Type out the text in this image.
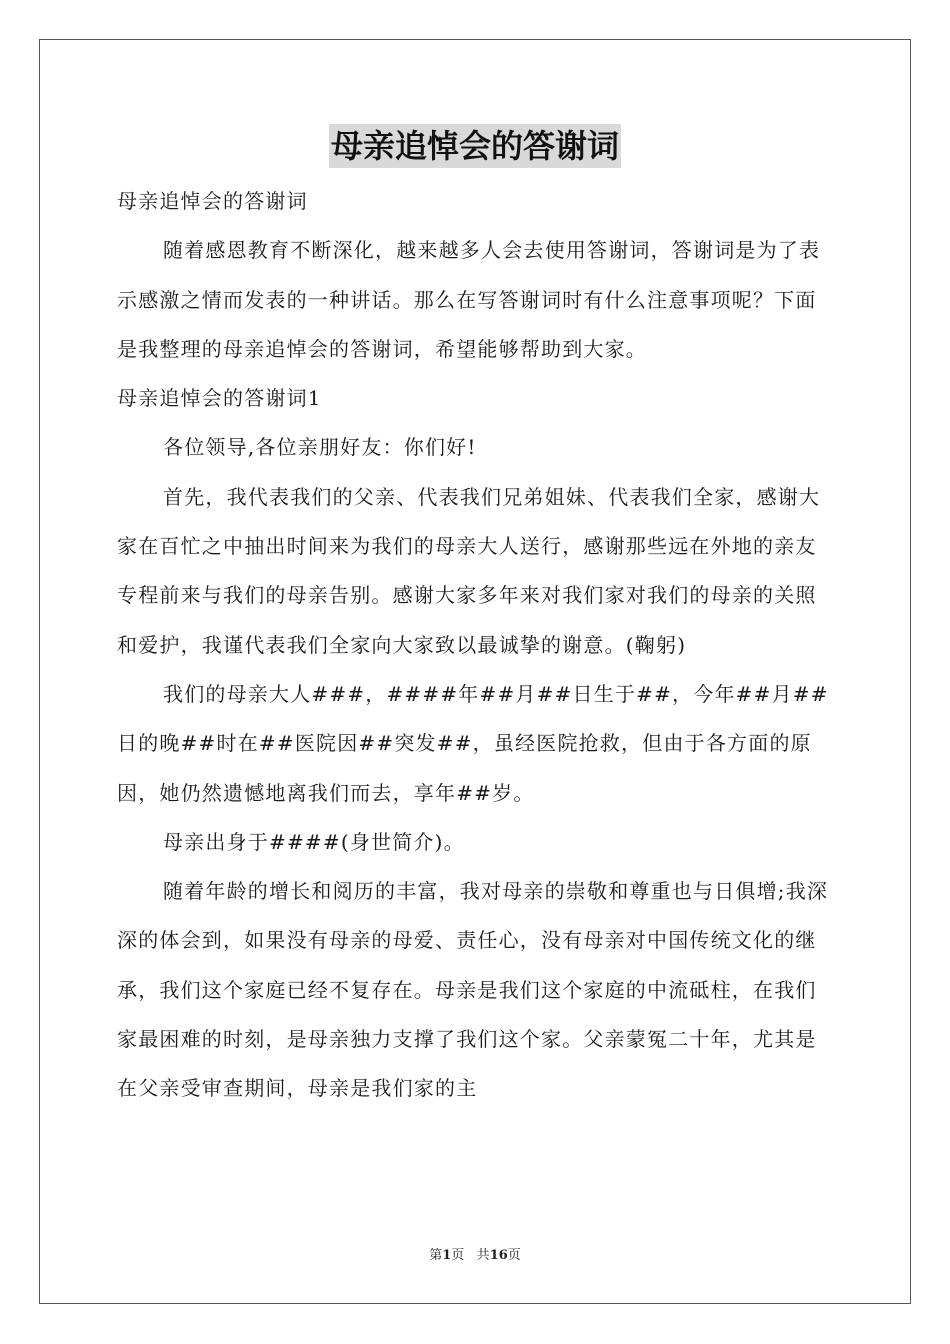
母亲追悼会的答谢词

母亲追悼会的答谢词

随着感恩教育不断深化，越来越多人会去使用答谢词，答谢词是为了表示感激之情而发表的一种讲话。那么在写答谢词时有什么注意事项呢？下面是我整理的母亲追悼会的答谢词，希望能够帮助到大家。

母亲追悼会的答谢词1

各位领导,各位亲朋好友：你们好!

首先，我代表我们的父亲、代表我们兄弟姐妹、代表我们全家，感谢大家在百忙之中抽出时间来为我们的母亲大人送行，感谢那些远在外地的亲友专程前来与我们的母亲告别。感谢大家多年来对我们家对我们的母亲的关照和爱护，我谨代表我们全家向大家致以最诚挚的谢意。(鞠躬)

我们的母亲大人###，####年##月##日生于##，今年##月##日的晚##时在##医院因##突发##，虽经医院抢救，但由于各方面的原因，她仍然遗憾地离我们而去，享年##岁。

母亲出身于####(身世简介)。

随着年龄的增长和阅历的丰富，我对母亲的崇敬和尊重也与日俱增;我深深的体会到，如果没有母亲的母爱、责任心，没有母亲对中国传统文化的继承，我们这个家庭已经不复存在。母亲是我们这个家庭的中流砥柱，在我们家最困难的时刻，是母亲独力支撑了我们这个家。父亲蒙冤二十年，尤其是在父亲受审查期间，母亲是我们家的主

第1页 共16页
